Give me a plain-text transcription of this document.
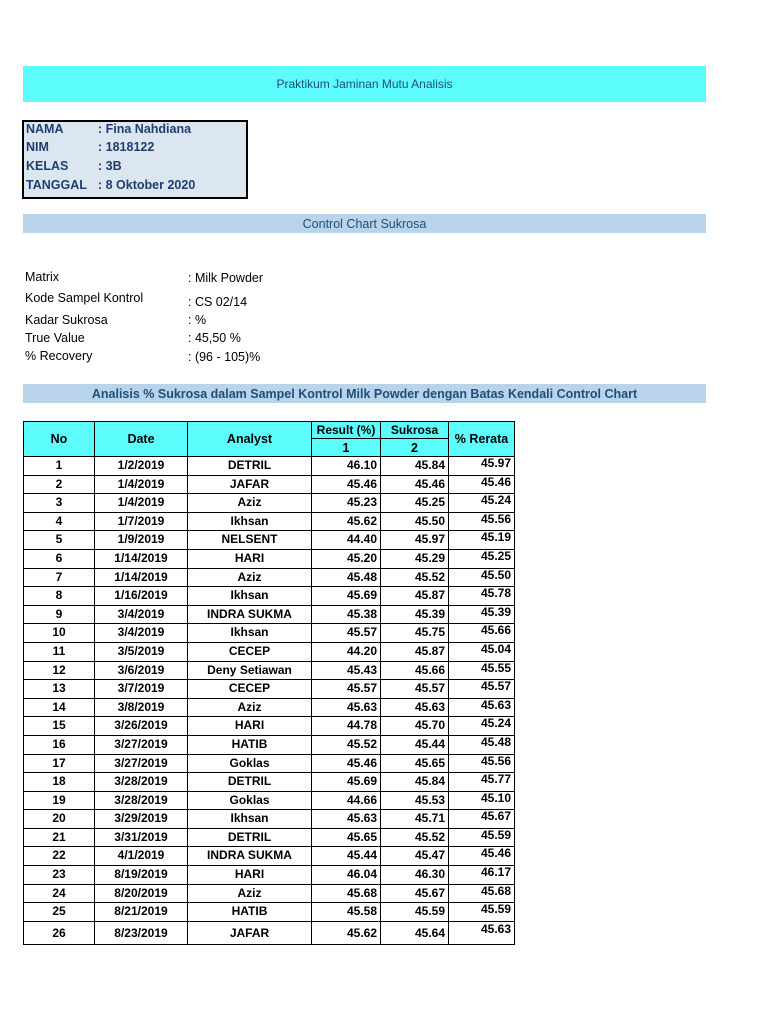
Praktikum Jaminan Mutu Analisis
NAMA	: Fina Nahdiana
NIM	: 1818122
KELAS	: 3B
TANGGAL : 8 Oktober 2020
Control Chart Sukrosa
Matrix	: Milk Powder
Kode Sampel Kontrol	: CS 02/14
Kadar Sukrosa	: %
True Value	: 45,50 %
% Recovery	: (96 - 105)%
Analisis % Sukrosa dalam Sampel Kontrol Milk Powder dengan Batas Kendali Control Chart
No	Date	Analyst	Result (%)	Sukrosa	% Rerata
			1	2	
1	1/2/2019	DETRIL	46.10	45.84	45.97
2	1/4/2019	JAFAR	45.46	45.46	45.46
3	1/4/2019	Aziz	45.23	45.25	45.24
4	1/7/2019	Ikhsan	45.62	45.50	45.56
5	1/9/2019	NELSENT	44.40	45.97	45.19
6	1/14/2019	HARI	45.20	45.29	45.25
7	1/14/2019	Aziz	45.48	45.52	45.50
8	1/16/2019	Ikhsan	45.69	45.87	45.78
9	3/4/2019	INDRA SUKMA	45.38	45.39	45.39
10	3/4/2019	Ikhsan	45.57	45.75	45.66
11	3/5/2019	CECEP	44.20	45.87	45.04
12	3/6/2019	Deny Setiawan	45.43	45.66	45.55
13	3/7/2019	CECEP	45.57	45.57	45.57
14	3/8/2019	Aziz	45.63	45.63	45.63
15	3/26/2019	HARI	44.78	45.70	45.24
16	3/27/2019	HATIB	45.52	45.44	45.48
17	3/27/2019	Goklas	45.46	45.65	45.56
18	3/28/2019	DETRIL	45.69	45.84	45.77
19	3/28/2019	Goklas	44.66	45.53	45.10
20	3/29/2019	Ikhsan	45.63	45.71	45.67
21	3/31/2019	DETRIL	45.65	45.52	45.59
22	4/1/2019	INDRA SUKMA	45.44	45.47	45.46
23	8/19/2019	HARI	46.04	46.30	46.17
24	8/20/2019	Aziz	45.68	45.67	45.68
25	8/21/2019	HATIB	45.58	45.59	45.59
26	8/23/2019	JAFAR	45.62	45.64	45.63
